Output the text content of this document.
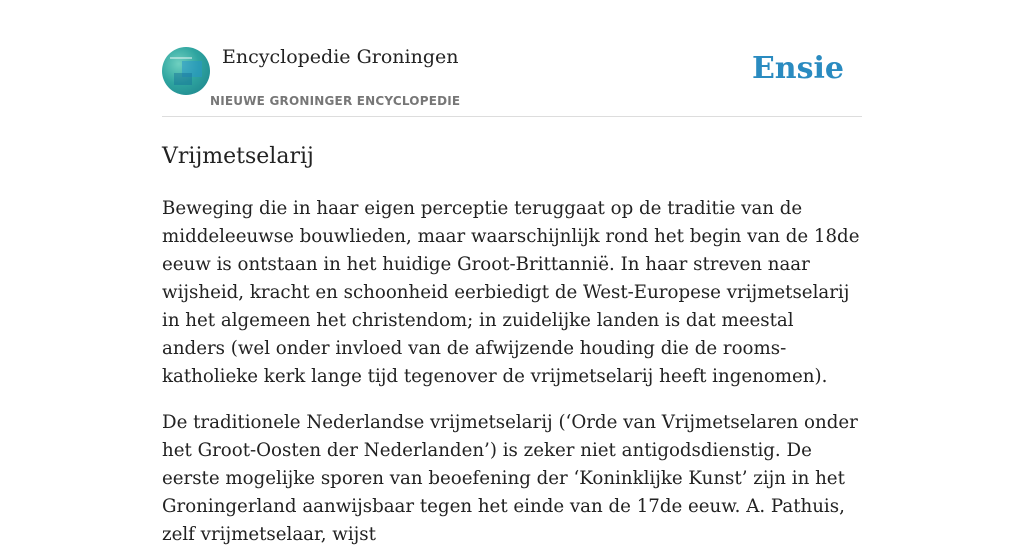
Encyclopedie Groningen
NIEUWE GRONINGER ENCYCLOPEDIE
Ensie
Vrijmetselarij

Beweging die in haar eigen perceptie teruggaat op de traditie van de middeleeuwse bouwlieden, maar waarschijnlijk rond het begin van de 18de eeuw is ontstaan in het huidige Groot-Brittannië. In haar streven naar wijsheid, kracht en schoonheid eerbiedigt de West-Europese vrijmetselarij in het algemeen het christendom; in zuidelijke landen is dat meestal anders (wel onder invloed van de afwijzende houding die de rooms-katholieke kerk lange tijd tegenover de vrijmetselarij heeft ingenomen).

De traditionele Nederlandse vrijmetselarij (‘Orde van Vrijmetselaren onder het Groot-Oosten der Nederlanden’) is zeker niet antigodsdienstig. De eerste mogelijke sporen van beoefening der ‘Koninklijke Kunst’ zijn in het Groningerland aanwijsbaar tegen het einde van de 17de eeuw. A. Pathuis, zelf vrijmetselaar, wijst
